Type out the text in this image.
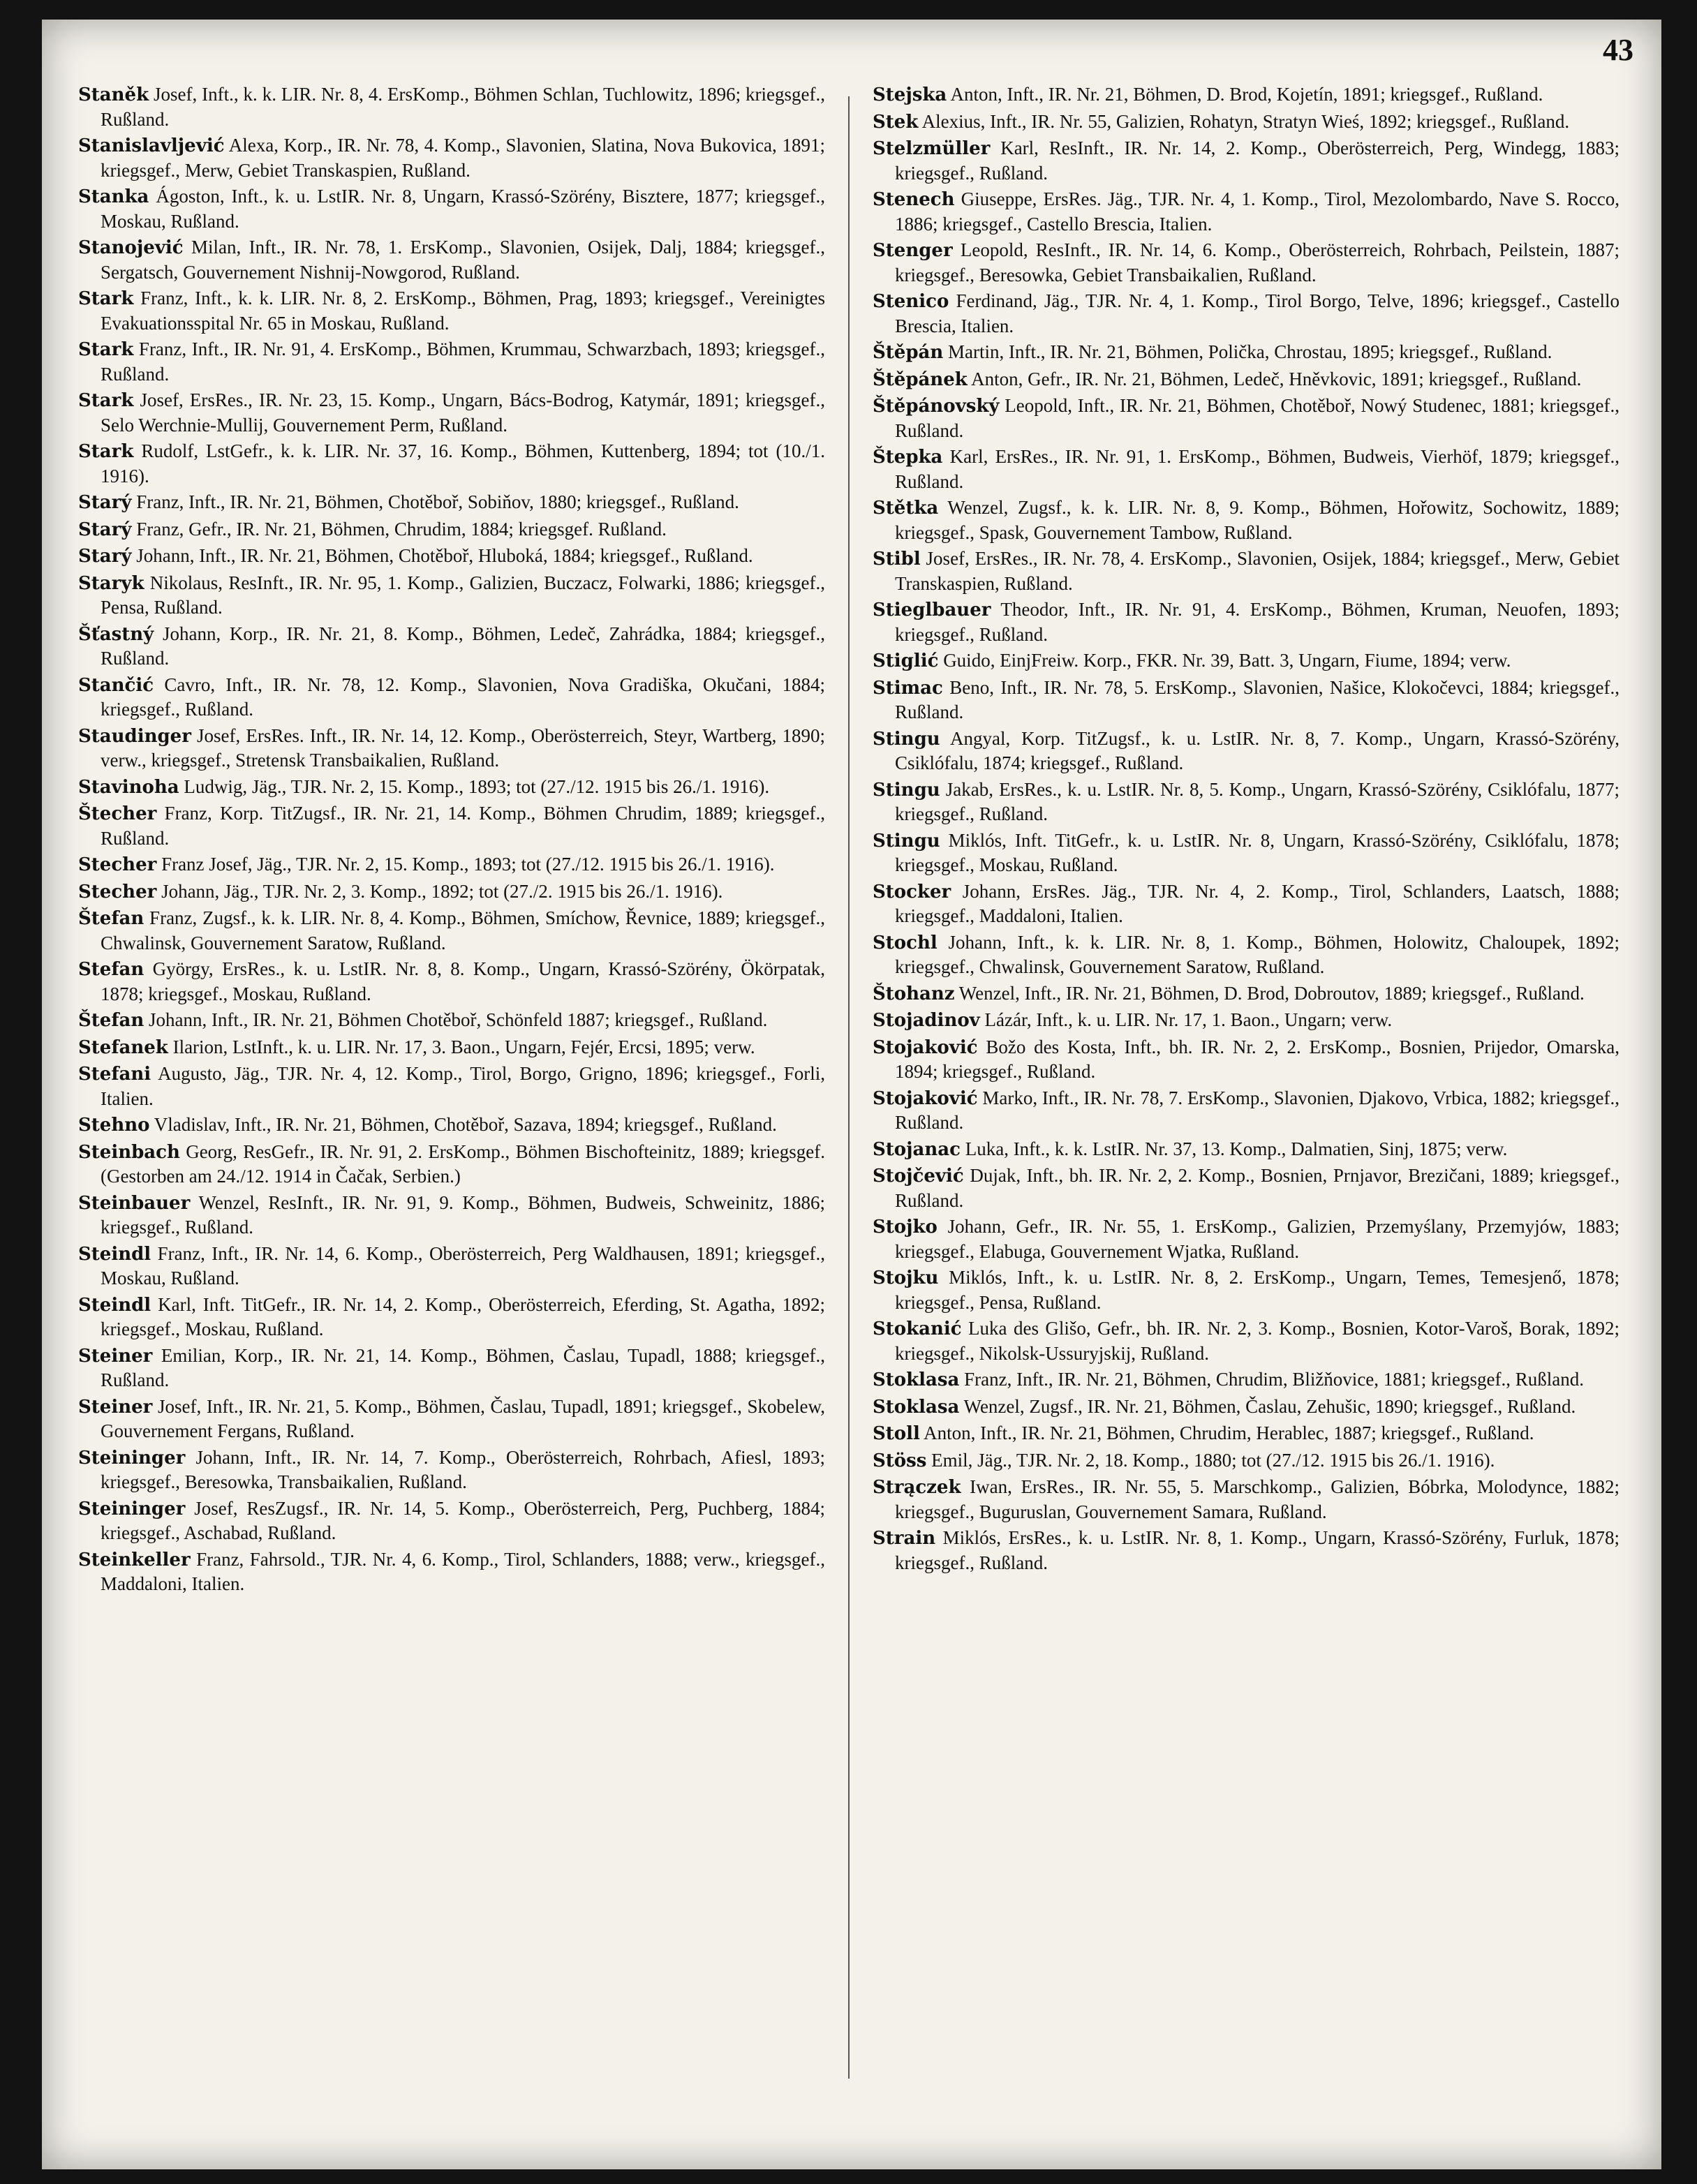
43

Staněk Josef, Inft., k. k. LIR. Nr. 8, 4. ErsKomp., Böhmen Schlan, Tuchlowitz, 1896; kriegsgef., Rußland.

Stanislavljević Alexa, Korp., IR. Nr. 78, 4. Komp., Slavonien, Slatina, Nova Bukovica, 1891; kriegsgef., Merw, Gebiet Transkaspien, Rußland.

Stanka Ágoston, Inft., k. u. LstIR. Nr. 8, Ungarn, Krassó-Szörény, Bisztere, 1877; kriegsgef., Moskau, Rußland.

Stanojević Milan, Inft., IR. Nr. 78, 1. ErsKomp., Slavonien, Osijek, Dalj, 1884; kriegsgef., Sergatsch, Gouvernement Nishnij-Nowgorod, Rußland.

Stark Franz, Inft., k. k. LIR. Nr. 8, 2. ErsKomp., Böhmen, Prag, 1893; kriegsgef., Vereinigtes Evakuationsspital Nr. 65 in Moskau, Rußland.

Stark Franz, Inft., IR. Nr. 91, 4. ErsKomp., Böhmen, Krummau, Schwarzbach, 1893; kriegsgef., Rußland.

Stark Josef, ErsRes., IR. Nr. 23, 15. Komp., Ungarn, Bács-Bodrog, Katymár, 1891; kriegsgef., Selo Werchnie-Mullij, Gouvernement Perm, Rußland.

Stark Rudolf, LstGefr., k. k. LIR. Nr. 37, 16. Komp., Böhmen, Kuttenberg, 1894; tot (10./1. 1916).

Starý Franz, Inft., IR. Nr. 21, Böhmen, Chotěboř, Sobiňov, 1880; kriegsgef., Rußland.

Starý Franz, Gefr., IR. Nr. 21, Böhmen, Chrudim, 1884; kriegsgef. Rußland.

Starý Johann, Inft., IR. Nr. 21, Böhmen, Chotěboř, Hluboká, 1884; kriegsgef., Rußland.

Staryk Nikolaus, ResInft., IR. Nr. 95, 1. Komp., Galizien, Buczacz, Folwarki, 1886; kriegsgef., Pensa, Rußland.

Šťastný Johann, Korp., IR. Nr. 21, 8. Komp., Böhmen, Ledeč, Zahrádka, 1884; kriegsgef., Rußland.

Stančić Cavro, Inft., IR. Nr. 78, 12. Komp., Slavonien, Nova Gradiška, Okučani, 1884; kriegsgef., Rußland.

Staudinger Josef, ErsRes. Inft., IR. Nr. 14, 12. Komp., Oberösterreich, Steyr, Wartberg, 1890; verw., kriegsgef., Stretensk Transbaikalien, Rußland.

Stavinoha Ludwig, Jäg., TJR. Nr. 2, 15. Komp., 1893; tot (27./12. 1915 bis 26./1. 1916).

Štecher Franz, Korp. TitZugsf., IR. Nr. 21, 14. Komp., Böhmen Chrudim, 1889; kriegsgef., Rußland.

Stecher Franz Josef, Jäg., TJR. Nr. 2, 15. Komp., 1893; tot (27./12. 1915 bis 26./1. 1916).

Stecher Johann, Jäg., TJR. Nr. 2, 3. Komp., 1892; tot (27./2. 1915 bis 26./1. 1916).

Štefan Franz, Zugsf., k. k. LIR. Nr. 8, 4. Komp., Böhmen, Smíchow, Řevnice, 1889; kriegsgef., Chwalinsk, Gouvernement Saratow, Rußland.

Stefan György, ErsRes., k. u. LstIR. Nr. 8, 8. Komp., Ungarn, Krassó-Szörény, Ökörpatak, 1878; kriegsgef., Moskau, Rußland.

Štefan Johann, Inft., IR. Nr. 21, Böhmen Chotěboř, Schönfeld 1887; kriegsgef., Rußland.

Stefanek Ilarion, LstInft., k. u. LIR. Nr. 17, 3. Baon., Ungarn, Fejér, Ercsi, 1895; verw.

Stefani Augusto, Jäg., TJR. Nr. 4, 12. Komp., Tirol, Borgo, Grigno, 1896; kriegsgef., Forli, Italien.

Stehno Vladislav, Inft., IR. Nr. 21, Böhmen, Chotěboř, Sazava, 1894; kriegsgef., Rußland.

Steinbach Georg, ResGefr., IR. Nr. 91, 2. ErsKomp., Böhmen Bischofteinitz, 1889; kriegsgef. (Gestorben am 24./12. 1914 in Čačak, Serbien.)

Steinbauer Wenzel, ResInft., IR. Nr. 91, 9. Komp., Böhmen, Budweis, Schweinitz, 1886; kriegsgef., Rußland.

Steindl Franz, Inft., IR. Nr. 14, 6. Komp., Oberösterreich, Perg Waldhausen, 1891; kriegsgef., Moskau, Rußland.

Steindl Karl, Inft. TitGefr., IR. Nr. 14, 2. Komp., Oberösterreich, Eferding, St. Agatha, 1892; kriegsgef., Moskau, Rußland.

Steiner Emilian, Korp., IR. Nr. 21, 14. Komp., Böhmen, Časlau, Tupadl, 1888; kriegsgef., Rußland.

Steiner Josef, Inft., IR. Nr. 21, 5. Komp., Böhmen, Časlau, Tupadl, 1891; kriegsgef., Skobelew, Gouvernement Fergans, Rußland.

Steininger Johann, Inft., IR. Nr. 14, 7. Komp., Oberösterreich, Rohrbach, Afiesl, 1893; kriegsgef., Beresowka, Transbaikalien, Rußland.

Steininger Josef, ResZugsf., IR. Nr. 14, 5. Komp., Oberösterreich, Perg, Puchberg, 1884; kriegsgef., Aschabad, Rußland.

Steinkeller Franz, Fahrsold., TJR. Nr. 4, 6. Komp., Tirol, Schlanders, 1888; verw., kriegsgef., Maddaloni, Italien.

Stejska Anton, Inft., IR. Nr. 21, Böhmen, D. Brod, Kojetín, 1891; kriegsgef., Rußland.

Stek Alexius, Inft., IR. Nr. 55, Galizien, Rohatyn, Stratyn Wieś, 1892; kriegsgef., Rußland.

Stelzmüller Karl, ResInft., IR. Nr. 14, 2. Komp., Oberösterreich, Perg, Windegg, 1883; kriegsgef., Rußland.

Stenech Giuseppe, ErsRes. Jäg., TJR. Nr. 4, 1. Komp., Tirol, Mezolombardo, Nave S. Rocco, 1886; kriegsgef., Castello Brescia, Italien.

Stenger Leopold, ResInft., IR. Nr. 14, 6. Komp., Oberösterreich, Rohrbach, Peilstein, 1887; kriegsgef., Beresowka, Gebiet Transbaikalien, Rußland.

Stenico Ferdinand, Jäg., TJR. Nr. 4, 1. Komp., Tirol Borgo, Telve, 1896; kriegsgef., Castello Brescia, Italien.

Štěpán Martin, Inft., IR. Nr. 21, Böhmen, Polička, Chrostau, 1895; kriegsgef., Rußland.

Štěpánek Anton, Gefr., IR. Nr. 21, Böhmen, Ledeč, Hněvkovic, 1891; kriegsgef., Rußland.

Štěpánovský Leopold, Inft., IR. Nr. 21, Böhmen, Chotěboř, Nowý Studenec, 1881; kriegsgef., Rußland.

Štepka Karl, ErsRes., IR. Nr. 91, 1. ErsKomp., Böhmen, Budweis, Vierhöf, 1879; kriegsgef., Rußland.

Stětka Wenzel, Zugsf., k. k. LIR. Nr. 8, 9. Komp., Böhmen, Hořowitz, Sochowitz, 1889; kriegsgef., Spask, Gouvernement Tambow, Rußland.

Stibl Josef, ErsRes., IR. Nr. 78, 4. ErsKomp., Slavonien, Osijek, 1884; kriegsgef., Merw, Gebiet Transkaspien, Rußland.

Stieglbauer Theodor, Inft., IR. Nr. 91, 4. ErsKomp., Böhmen, Kruman, Neuofen, 1893; kriegsgef., Rußland.

Stiglić Guido, EinjFreiw. Korp., FKR. Nr. 39, Batt. 3, Ungarn, Fiume, 1894; verw.

Stimac Beno, Inft., IR. Nr. 78, 5. ErsKomp., Slavonien, Našice, Klokočevci, 1884; kriegsgef., Rußland.

Stingu Angyal, Korp. TitZugsf., k. u. LstIR. Nr. 8, 7. Komp., Ungarn, Krassó-Szörény, Csiklófalu, 1874; kriegsgef., Rußland.

Stingu Jakab, ErsRes., k. u. LstIR. Nr. 8, 5. Komp., Ungarn, Krassó-Szörény, Csiklófalu, 1877; kriegsgef., Rußland.

Stingu Miklós, Inft. TitGefr., k. u. LstIR. Nr. 8, Ungarn, Krassó-Szörény, Csiklófalu, 1878; kriegsgef., Moskau, Rußland.

Stocker Johann, ErsRes. Jäg., TJR. Nr. 4, 2. Komp., Tirol, Schlanders, Laatsch, 1888; kriegsgef., Maddaloni, Italien.

Stochl Johann, Inft., k. k. LIR. Nr. 8, 1. Komp., Böhmen, Holowitz, Chaloupek, 1892; kriegsgef., Chwalinsk, Gouvernement Saratow, Rußland.

Štohanz Wenzel, Inft., IR. Nr. 21, Böhmen, D. Brod, Dobroutov, 1889; kriegsgef., Rußland.

Stojadinov Lázár, Inft., k. u. LIR. Nr. 17, 1. Baon., Ungarn; verw.

Stojaković Božo des Kosta, Inft., bh. IR. Nr. 2, 2. ErsKomp., Bosnien, Prijedor, Omarska, 1894; kriegsgef., Rußland.

Stojaković Marko, Inft., IR. Nr. 78, 7. ErsKomp., Slavonien, Djakovo, Vrbica, 1882; kriegsgef., Rußland.

Stojanac Luka, Inft., k. k. LstIR. Nr. 37, 13. Komp., Dalmatien, Sinj, 1875; verw.

Stojčević Dujak, Inft., bh. IR. Nr. 2, 2. Komp., Bosnien, Prnjavor, Brezičani, 1889; kriegsgef., Rußland.

Stojko Johann, Gefr., IR. Nr. 55, 1. ErsKomp., Galizien, Przemyślany, Przemyjów, 1883; kriegsgef., Elabuga, Gouvernement Wjatka, Rußland.

Stojku Miklós, Inft., k. u. LstIR. Nr. 8, 2. ErsKomp., Ungarn, Temes, Temesjenő, 1878; kriegsgef., Pensa, Rußland.

Stokanić Luka des Glišo, Gefr., bh. IR. Nr. 2, 3. Komp., Bosnien, Kotor-Varoš, Borak, 1892; kriegsgef., Nikolsk-Ussuryjskij, Rußland.

Stoklasa Franz, Inft., IR. Nr. 21, Böhmen, Chrudim, Bližňovice, 1881; kriegsgef., Rußland.

Stoklasa Wenzel, Zugsf., IR. Nr. 21, Böhmen, Časlau, Zehušic, 1890; kriegsgef., Rußland.

Stoll Anton, Inft., IR. Nr. 21, Böhmen, Chrudim, Herablec, 1887; kriegsgef., Rußland.

Stöss Emil, Jäg., TJR. Nr. 2, 18. Komp., 1880; tot (27./12. 1915 bis 26./1. 1916).

Strączek Iwan, ErsRes., IR. Nr. 55, 5. Marschkomp., Galizien, Bóbrka, Molodynce, 1882; kriegsgef., Buguruslan, Gouvernement Samara, Rußland.

Strain Miklós, ErsRes., k. u. LstIR. Nr. 8, 1. Komp., Ungarn, Krassó-Szörény, Furluk, 1878; kriegsgef., Rußland.
